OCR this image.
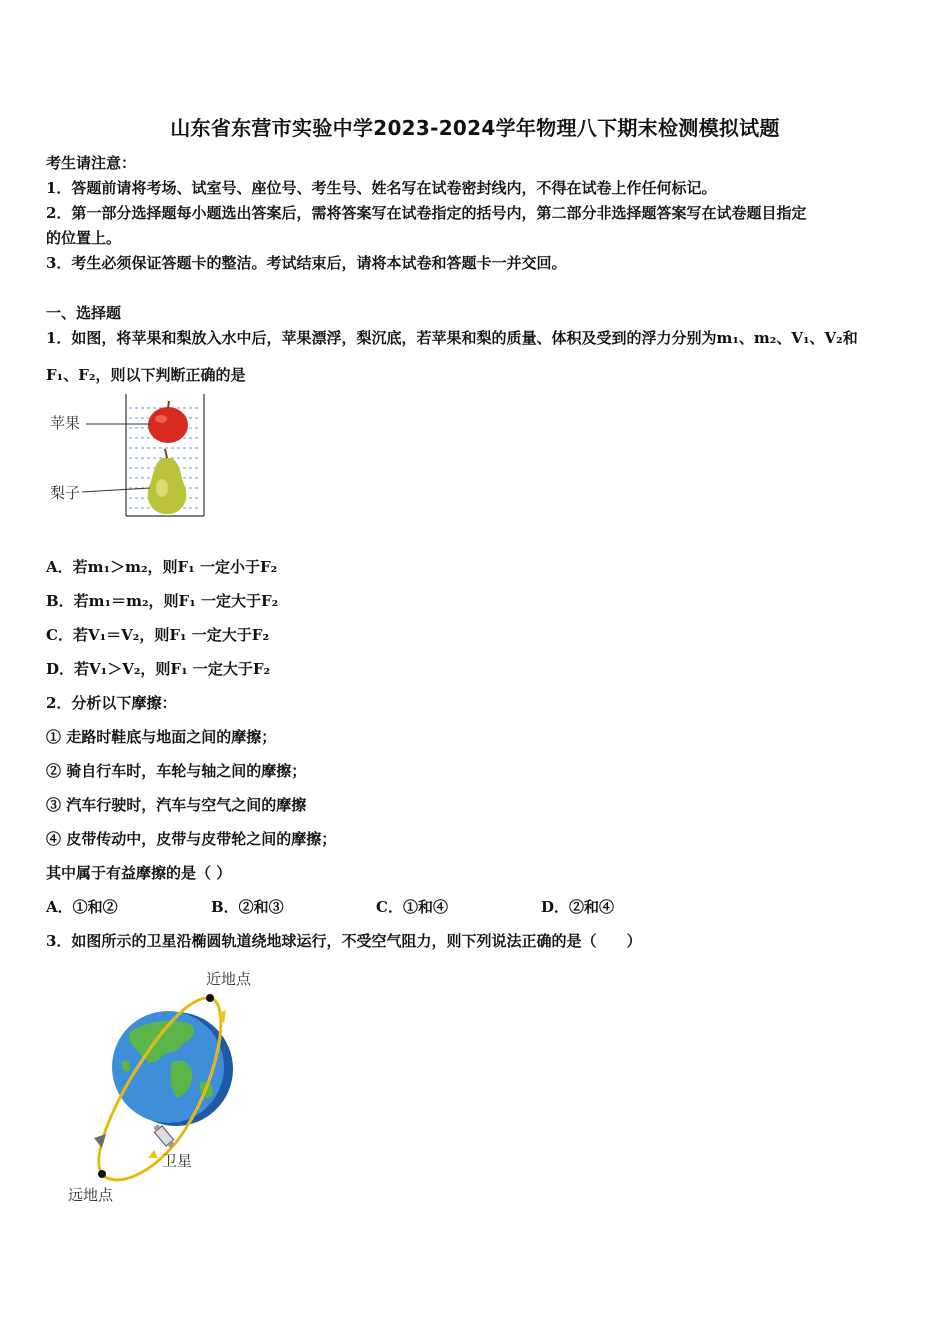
山东省东营市实验中学2023-2024学年物理八下期末检测模拟试题
考生请注意：
1．答题前请将考场、试室号、座位号、考生号、姓名写在试卷密封线内，不得在试卷上作任何标记。
2．第一部分选择题每小题选出答案后，需将答案写在试卷指定的括号内，第二部分非选择题答案写在试卷题目指定
的位置上。
3．考生必须保证答题卡的整洁。考试结束后，请将本试卷和答题卡一并交回。
一、选择题
1．如图，将苹果和梨放入水中后，苹果漂浮，梨沉底，若苹果和梨的质量、体积及受到的浮力分别为m₁、m₂、V₁、V₂和
F₁、F₂，则以下判断正确的是
苹果
梨子
A．若m₁＞m₂，则F₁ 一定小于F₂
B．若m₁＝m₂，则F₁ 一定大于F₂
C．若V₁＝V₂，则F₁ 一定大于F₂
D．若V₁＞V₂，则F₁ 一定大于F₂
2．分析以下摩擦：
① 走路时鞋底与地面之间的摩擦；
② 骑自行车时，车轮与轴之间的摩擦；
③ 汽车行驶时，汽车与空气之间的摩擦
④ 皮带传动中，皮带与皮带轮之间的摩擦；
其中属于有益摩擦的是（ ）
A．①和②	B．②和③	C．①和④	D．②和④
3．如图所示的卫星沿椭圆轨道绕地球运行，不受空气阻力，则下列说法正确的是（　　）
近地点
远地点
卫星
